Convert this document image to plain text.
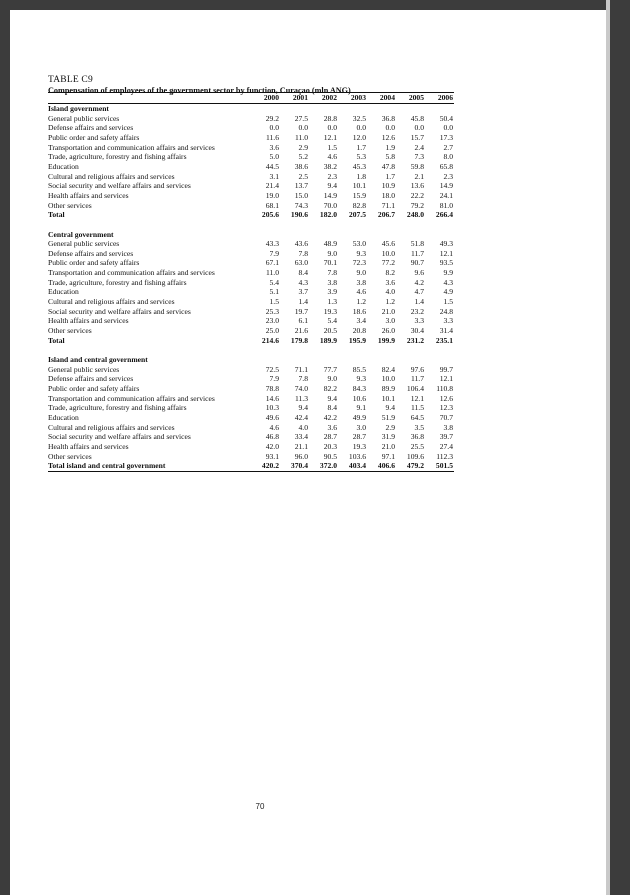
TABLE C9
Compensation of employees of the government sector by function, Curaçao (mln ANG)
	2000	2001	2002	2003	2004	2005	2006
Island government							
General public services	29.2	27.5	28.8	32.5	36.8	45.8	50.4
Defense affairs and services	0.0	0.0	0.0	0.0	0.0	0.0	0.0
Public order and safety affairs	11.6	11.0	12.1	12.0	12.6	15.7	17.3
Transportation and communication affairs and services	3.6	2.9	1.5	1.7	1.9	2.4	2.7
Trade, agriculture, forestry and fishing affairs	5.0	5.2	4.6	5.3	5.8	7.3	8.0
Education	44.5	38.6	38.2	45.3	47.8	59.8	65.8
Cultural and religious affairs and services	3.1	2.5	2.3	1.8	1.7	2.1	2.3
Social security and welfare affairs and services	21.4	13.7	9.4	10.1	10.9	13.6	14.9
Health affairs and services	19.0	15.0	14.9	15.9	18.0	22.2	24.1
Other services	68.1	74.3	70.0	82.8	71.1	79.2	81.0
Total	205.6	190.6	182.0	207.5	206.7	248.0	266.4

Central government							
General public services	43.3	43.6	48.9	53.0	45.6	51.8	49.3
Defense affairs and services	7.9	7.8	9.0	9.3	10.0	11.7	12.1
Public order and safety affairs	67.1	63.0	70.1	72.3	77.2	90.7	93.5
Transportation and communication affairs and services	11.0	8.4	7.8	9.0	8.2	9.6	9.9
Trade, agriculture, forestry and fishing affairs	5.4	4.3	3.8	3.8	3.6	4.2	4.3
Education	5.1	3.7	3.9	4.6	4.0	4.7	4.9
Cultural and religious affairs and services	1.5	1.4	1.3	1.2	1.2	1.4	1.5
Social security and welfare affairs and services	25.3	19.7	19.3	18.6	21.0	23.2	24.8
Health affairs and services	23.0	6.1	5.4	3.4	3.0	3.3	3.3
Other services	25.0	21.6	20.5	20.8	26.0	30.4	31.4
Total	214.6	179.8	189.9	195.9	199.9	231.2	235.1

Island and central government							
General public services	72.5	71.1	77.7	85.5	82.4	97.6	99.7
Defense affairs and services	7.9	7.8	9.0	9.3	10.0	11.7	12.1
Public order and safety affairs	78.8	74.0	82.2	84.3	89.9	106.4	110.8
Transportation and communication affairs and services	14.6	11.3	9.4	10.6	10.1	12.1	12.6
Trade, agriculture, forestry and fishing affairs	10.3	9.4	8.4	9.1	9.4	11.5	12.3
Education	49.6	42.4	42.2	49.9	51.9	64.5	70.7
Cultural and religious affairs and services	4.6	4.0	3.6	3.0	2.9	3.5	3.8
Social security and welfare affairs and services	46.8	33.4	28.7	28.7	31.9	36.8	39.7
Health affairs and services	42.0	21.1	20.3	19.3	21.0	25.5	27.4
Other services	93.1	96.0	90.5	103.6	97.1	109.6	112.3
Total island and central government	420.2	370.4	372.0	403.4	406.6	479.2	501.5
70
